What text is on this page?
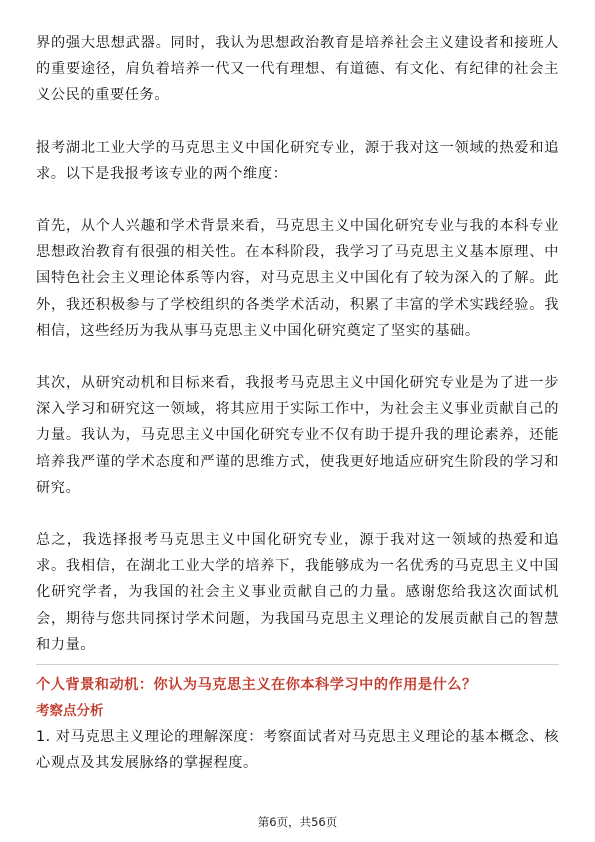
界的强大思想武器。同时，我认为思想政治教育是培养社会主义建设者和接班人的重要途径，肩负着培养一代又一代有理想、有道德、有文化、有纪律的社会主义公民的重要任务。

报考湖北工业大学的马克思主义中国化研究专业，源于我对这一领域的热爱和追求。以下是我报考该专业的两个维度：

首先，从个人兴趣和学术背景来看，马克思主义中国化研究专业与我的本科专业思想政治教育有很强的相关性。在本科阶段，我学习了马克思主义基本原理、中国特色社会主义理论体系等内容，对马克思主义中国化有了较为深入的了解。此外，我还积极参与了学校组织的各类学术活动，积累了丰富的学术实践经验。我相信，这些经历为我从事马克思主义中国化研究奠定了坚实的基础。

其次，从研究动机和目标来看，我报考马克思主义中国化研究专业是为了进一步深入学习和研究这一领域，将其应用于实际工作中，为社会主义事业贡献自己的力量。我认为，马克思主义中国化研究专业不仅有助于提升我的理论素养，还能培养我严谨的学术态度和严谨的思维方式，使我更好地适应研究生阶段的学习和研究。

总之，我选择报考马克思主义中国化研究专业，源于我对这一领域的热爱和追求。我相信，在湖北工业大学的培养下，我能够成为一名优秀的马克思主义中国化研究学者，为我国的社会主义事业贡献自己的力量。感谢您给我这次面试机会，期待与您共同探讨学术问题，为我国马克思主义理论的发展贡献自己的智慧和力量。

个人背景和动机：你认为马克思主义在你本科学习中的作用是什么？

考察点分析

1. 对马克思主义理论的理解深度：考察面试者对马克思主义理论的基本概念、核心观点及其发展脉络的掌握程度。

第6页，共56页
